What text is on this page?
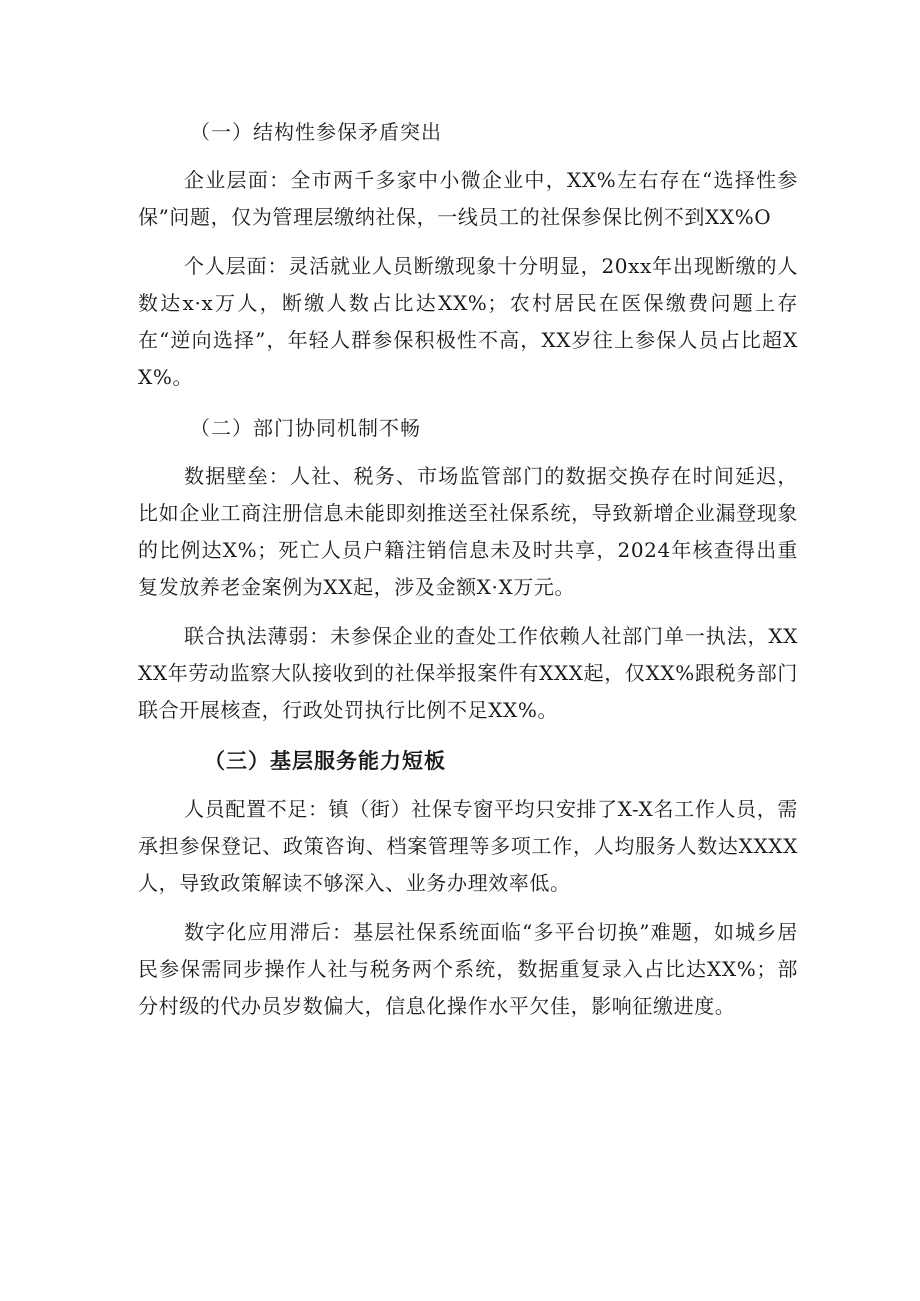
（一）结构性参保矛盾突出

企业层面：全市两千多家中小微企业中，XX%左右存在“选择性参保”问题，仅为管理层缴纳社保，一线员工的社保参保比例不到XX%O

个人层面：灵活就业人员断缴现象十分明显，20xx年出现断缴的人数达x·x万人，断缴人数占比达XX%；农村居民在医保缴费问题上存在“逆向选择”，年轻人群参保积极性不高，XX岁往上参保人员占比超XX%。

（二）部门协同机制不畅

数据壁垒：人社、税务、市场监管部门的数据交换存在时间延迟，比如企业工商注册信息未能即刻推送至社保系统，导致新增企业漏登现象的比例达X%；死亡人员户籍注销信息未及时共享，2024年核查得出重复发放养老金案例为XX起，涉及金额X·X万元。

联合执法薄弱：未参保企业的查处工作依赖人社部门单一执法，XXXX年劳动监察大队接收到的社保举报案件有XXX起，仅XX%跟税务部门联合开展核查，行政处罚执行比例不足XX%。

（三）基层服务能力短板

人员配置不足：镇（街）社保专窗平均只安排了X-X名工作人员，需承担参保登记、政策咨询、档案管理等多项工作，人均服务人数达XXXX人，导致政策解读不够深入、业务办理效率低。

数字化应用滞后：基层社保系统面临“多平台切换”难题，如城乡居民参保需同步操作人社与税务两个系统，数据重复录入占比达XX%；部分村级的代办员岁数偏大，信息化操作水平欠佳，影响征缴进度。
